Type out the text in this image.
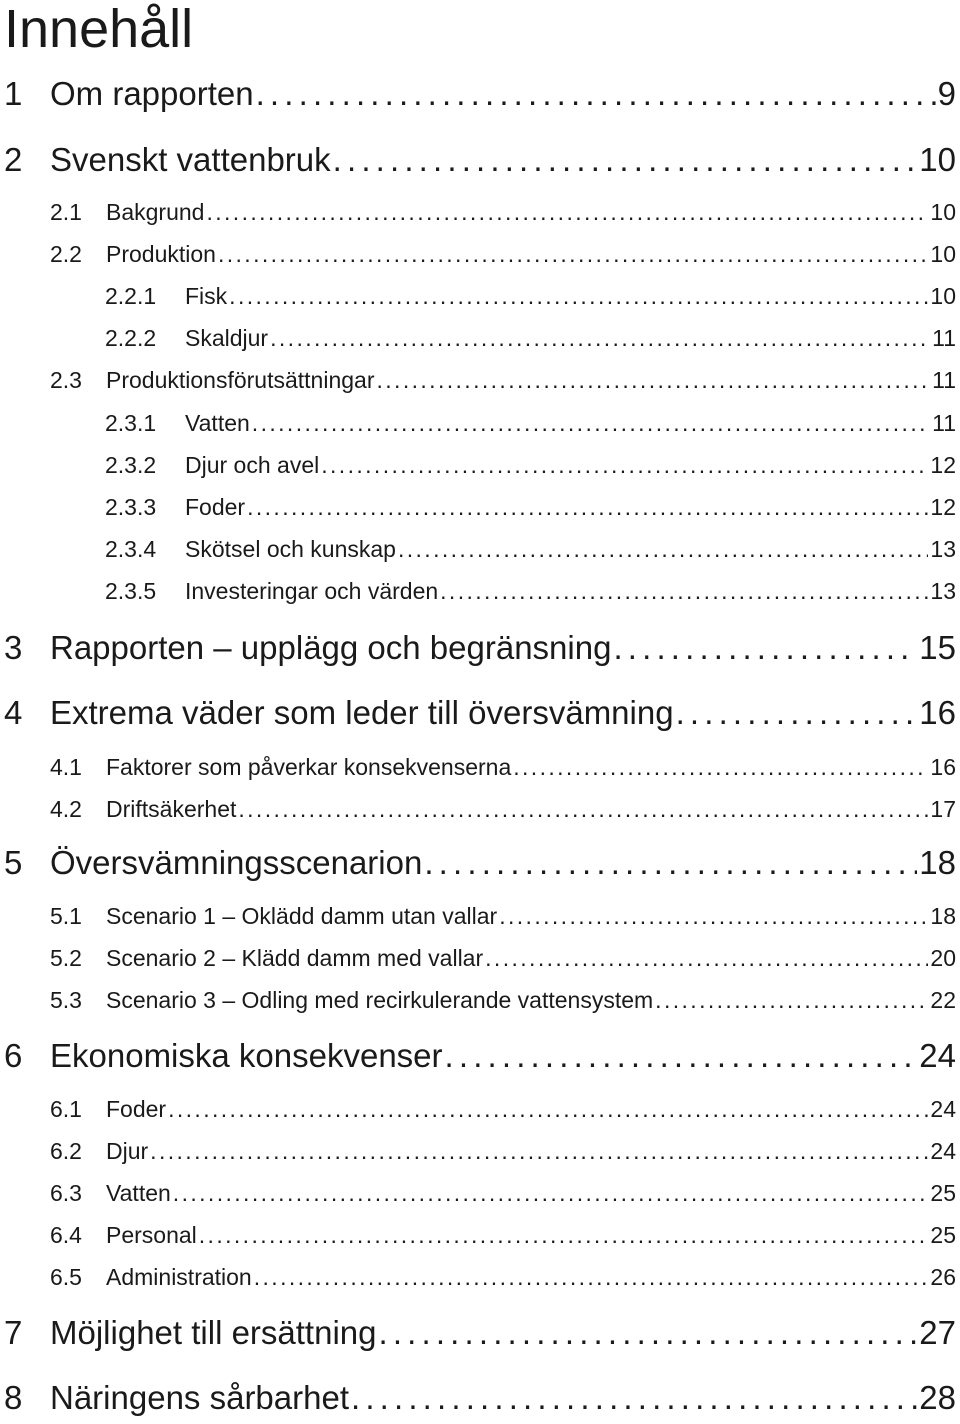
Innehåll
1 Om rapporten . . .	9
2 Svenskt vattenbruk . . .	10
2.1	Bakgrund . . .	10
2.2	Produktion . . .	10
2.2.1	Fisk . . .	10
2.2.2	Skaldjur . . .	11
2.3	Produktionsförutsättningar . . .	11
2.3.1	Vatten . . .	11
2.3.2	Djur och avel . . .	12
2.3.3	Foder . . .	12
2.3.4	Skötsel och kunskap . . .	13
2.3.5	Investeringar och värden . . .	13
3 Rapporten – upplägg och begränsning . . .	15
4 Extrema väder som leder till översvämning . . .	16
4.1	Faktorer som påverkar konsekvenserna . . .	16
4.2	Driftsäkerhet . . .	17
5 Översvämningsscenarion . . .	18
5.1	Scenario 1 – Oklädd damm utan vallar . . .	18
5.2	Scenario 2 – Klädd damm med vallar . . .	20
5.3	Scenario 3 – Odling med recirkulerande vattensystem . . .	22
6 Ekonomiska konsekvenser . . .	24
6.1	Foder . . .	24
6.2	Djur . . .	24
6.3	Vatten . . .	25
6.4	Personal . . .	25
6.5	Administration . . .	26
7 Möjlighet till ersättning . . .	27
8 Näringens sårbarhet . . .	28
